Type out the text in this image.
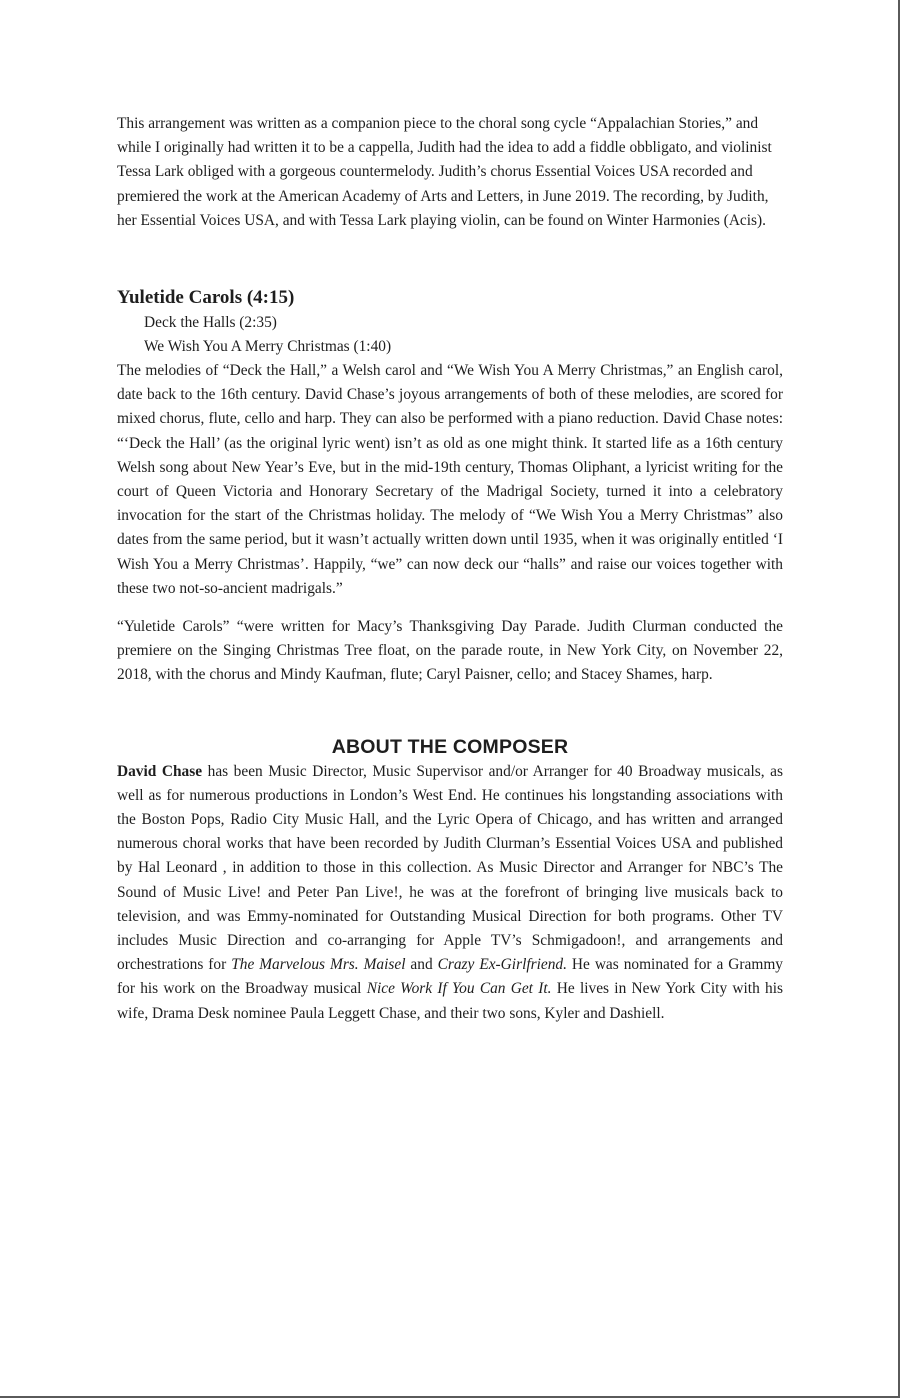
This arrangement was written as a companion piece to the choral song cycle “Appalachian Stories,” and while I originally had written it to be a cappella, Judith had the idea to add a fiddle obbligato, and violinist Tessa Lark obliged with a gorgeous countermelody. Judith’s chorus Essential Voices USA recorded and premiered the work at the American Academy of Arts and Letters, in June 2019. The recording, by Judith, her Essential Voices USA, and with Tessa Lark playing violin, can be found on Winter Harmonies (Acis).

Yuletide Carols (4:15)
Deck the Halls (2:35)
We Wish You A Merry Christmas (1:40)

The melodies of “Deck the Hall,” a Welsh carol and “We Wish You A Merry Christmas,” an English carol, date back to the 16th century. David Chase’s joyous arrangements of both of these melodies, are scored for mixed chorus, flute, cello and harp. They can also be performed with a piano reduction. David Chase notes: “‘Deck the Hall’ (as the original lyric went) isn’t as old as one might think. It started life as a 16th century Welsh song about New Year’s Eve, but in the mid-19th century, Thomas Oliphant, a lyricist writing for the court of Queen Victoria and Honorary Secretary of the Madrigal Society, turned it into a celebratory invocation for the start of the Christmas holiday. The melody of “We Wish You a Merry Christmas” also dates from the same period, but it wasn’t actually written down until 1935, when it was originally entitled ‘I Wish You a Merry Christmas’. Happily, “we” can now deck our “halls” and raise our voices together with these two not-so-ancient madrigals.”

“Yuletide Carols” “were written for Macy’s Thanksgiving Day Parade. Judith Clurman conducted the premiere on the Singing Christmas Tree float, on the parade route, in New York City, on November 22, 2018, with the chorus and Mindy Kaufman, flute; Caryl Paisner, cello; and Stacey Shames, harp.

ABOUT THE COMPOSER

David Chase has been Music Director, Music Supervisor and/or Arranger for 40 Broadway musicals, as well as for numerous productions in London’s West End. He continues his longstanding associations with the Boston Pops, Radio City Music Hall, and the Lyric Opera of Chicago, and has written and arranged numerous choral works that have been recorded by Judith Clurman’s Essential Voices USA and published by Hal Leonard , in addition to those in this collection. As Music Director and Arranger for NBC’s The Sound of Music Live! and Peter Pan Live!, he was at the forefront of bringing live musicals back to television, and was Emmy-nominated for Outstanding Musical Direction for both programs. Other TV includes Music Direction and co-arranging for Apple TV’s Schmigadoon!, and arrangements and orchestrations for The Marvelous Mrs. Maisel and Crazy Ex-Girlfriend. He was nominated for a Grammy for his work on the Broadway musical Nice Work If You Can Get It. He lives in New York City with his wife, Drama Desk nominee Paula Leggett Chase, and their two sons, Kyler and Dashiell.
